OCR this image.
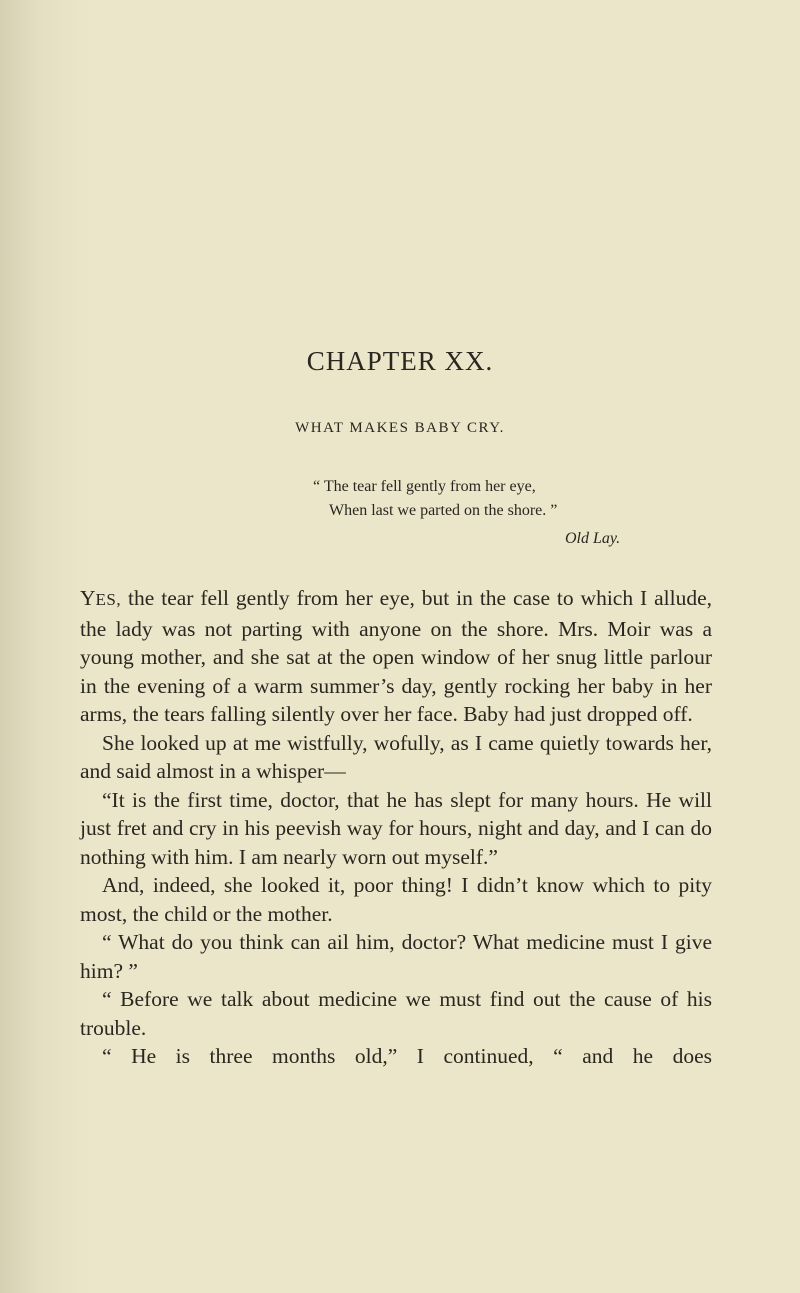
CHAPTER XX.
WHAT MAKES BABY CRY.
“ The tear fell gently from her eye,
When last we parted on the shore. ”
Old Lay.

YES, the tear fell gently from her eye, but in the case to which I allude, the lady was not parting with anyone on the shore. Mrs. Moir was a young mother, and she sat at the open window of her snug little parlour in the evening of a warm summer’s day, gently rocking her baby in her arms, the tears falling silently over her face. Baby had just dropped off.

She looked up at me wistfully, wofully, as I came quietly towards her, and said almost in a whisper—

“It is the first time, doctor, that he has slept for many hours. He will just fret and cry in his peevish way for hours, night and day, and I can do nothing with him. I am nearly worn out myself.”

And, indeed, she looked it, poor thing! I didn’t know which to pity most, the child or the mother.

“ What do you think can ail him, doctor? What medicine must I give him? ”

“ Before we talk about medicine we must find out the cause of his trouble.

“ He is three months old,” I continued, “ and he does
